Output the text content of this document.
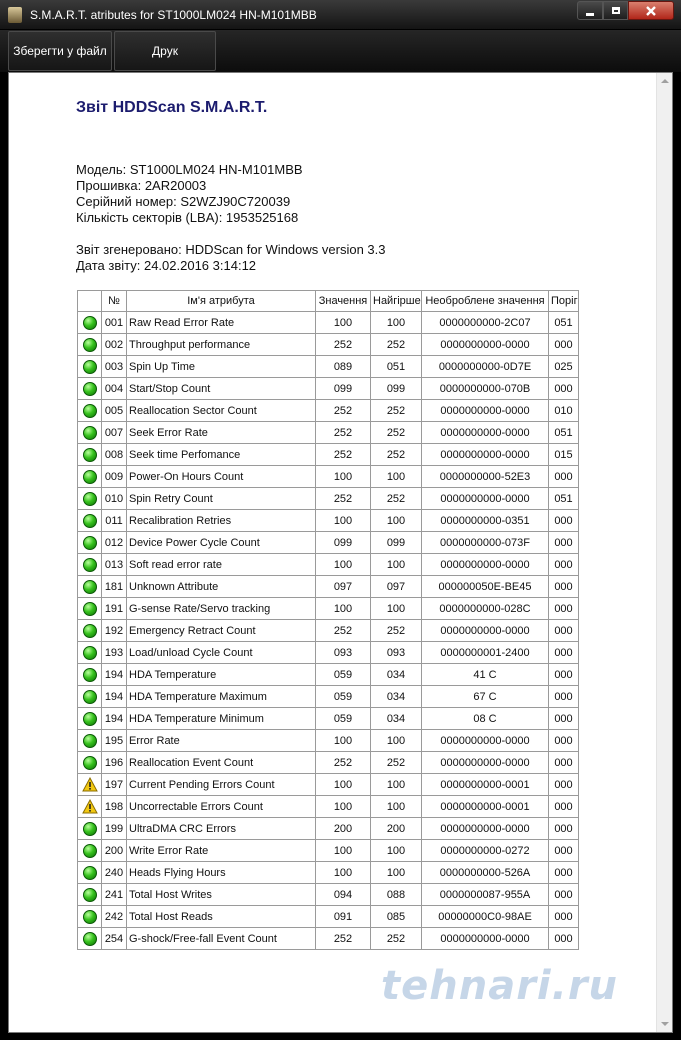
S.M.A.R.T. atributes for ST1000LM024 HN-M101MBB
Зберегти у файл	Друк
Звіт HDDScan S.M.A.R.T.
Модель: ST1000LM024 HN-M101MBB
Прошивка: 2AR20003
Серійний номер: S2WZJ90C720039
Кількість секторів (LBA): 1953525168
Звіт згенеровано: HDDScan for Windows version 3.3
Дата звіту: 24.02.2016 3:14:12
	№	Ім'я атрибута	Значення	Найгірше	Необроблене значення	Поріг
	001	Raw Read Error Rate	100	100	0000000000-2C07	051
	002	Throughput performance	252	252	0000000000-0000	000
	003	Spin Up Time	089	051	0000000000-0D7E	025
	004	Start/Stop Count	099	099	0000000000-070B	000
	005	Reallocation Sector Count	252	252	0000000000-0000	010
	007	Seek Error Rate	252	252	0000000000-0000	051
	008	Seek time Perfomance	252	252	0000000000-0000	015
	009	Power-On Hours Count	100	100	0000000000-52E3	000
	010	Spin Retry Count	252	252	0000000000-0000	051
	011	Recalibration Retries	100	100	0000000000-0351	000
	012	Device Power Cycle Count	099	099	0000000000-073F	000
	013	Soft read error rate	100	100	0000000000-0000	000
	181	Unknown Attribute	097	097	000000050E-BE45	000
	191	G-sense Rate/Servo tracking	100	100	0000000000-028C	000
	192	Emergency Retract Count	252	252	0000000000-0000	000
	193	Load/unload Cycle Count	093	093	0000000001-2400	000
	194	HDA Temperature	059	034	41 C	000
	194	HDA Temperature Maximum	059	034	67 C	000
	194	HDA Temperature Minimum	059	034	08 C	000
	195	Error Rate	100	100	0000000000-0000	000
	196	Reallocation Event Count	252	252	0000000000-0000	000
	197	Current Pending Errors Count	100	100	0000000000-0001	000
	198	Uncorrectable Errors Count	100	100	0000000000-0001	000
	199	UltraDMA CRC Errors	200	200	0000000000-0000	000
	200	Write Error Rate	100	100	0000000000-0272	000
	240	Heads Flying Hours	100	100	0000000000-526A	000
	241	Total Host Writes	094	088	0000000087-955A	000
	242	Total Host Reads	091	085	00000000C0-98AE	000
	254	G-shock/Free-fall Event Count	252	252	0000000000-0000	000
tehnari.ru
